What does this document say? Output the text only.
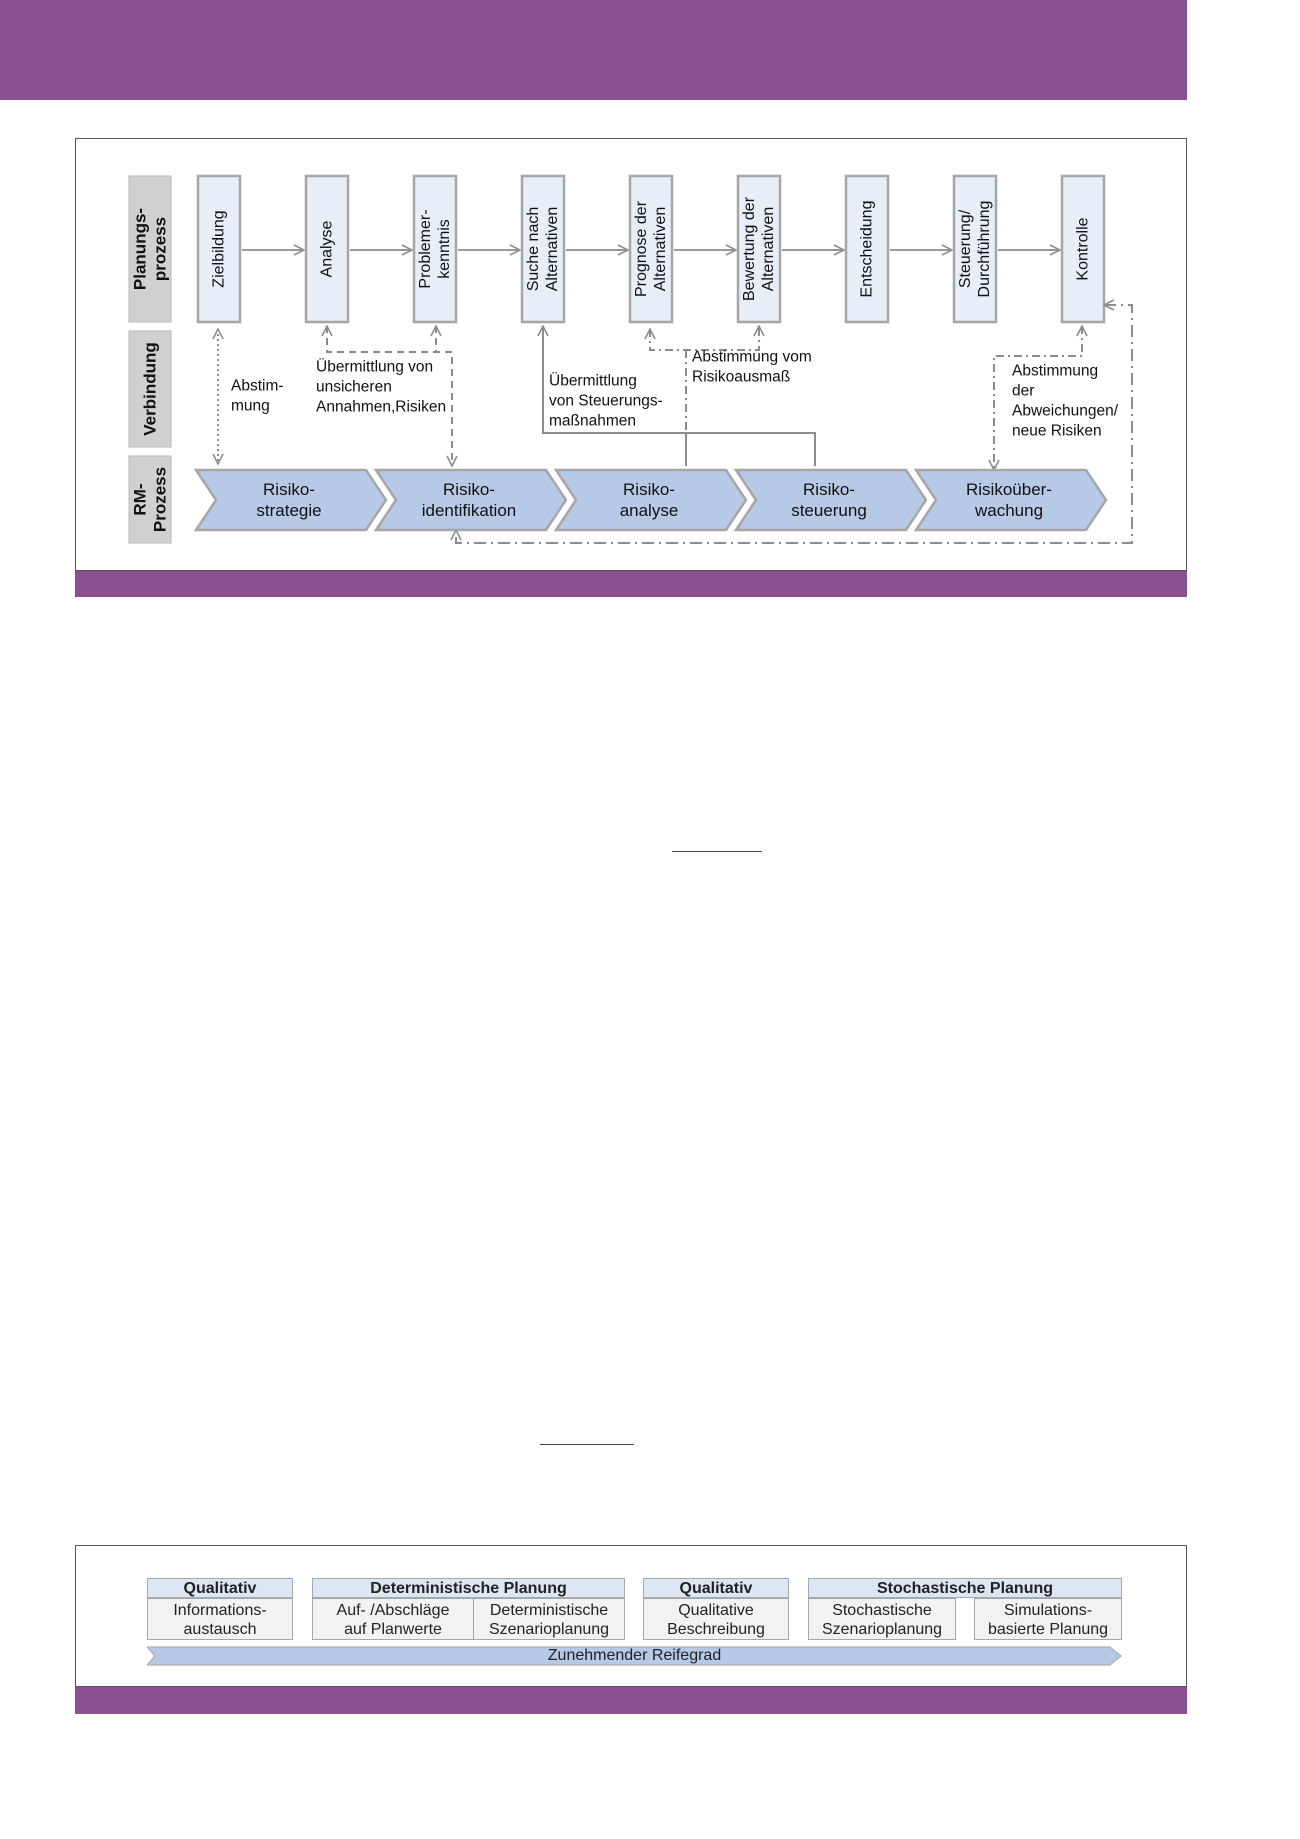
Planungs- prozess
Verbindung
RM- Prozess
Zielbildung	Analyse	Problemer- kenntnis	Suche nach Alternativen	Prognose der Alternativen	Bewertung der Alternativen	Entscheidung	Steuerung/ Durchführung	Kontrolle
Abstim-
mung
Übermittlung von
unsicheren
Annahmen,Risiken
Übermittlung
von Steuerungs-
maßnahmen
Abstimmung vom
Risikoausmaß	Abstimmung
der
Abweichungen/
neue Risiken
Risiko-
strategie
Risiko-
identifikation
Risiko-
analyse
Risiko-
steuerung
Risikoüber-
wachung
Qualitativ
Informations-
austausch
Deterministische Planung
Auf- /Abschläge
auf Planwerte
Deterministische
Szenarioplanung
Qualitativ
Qualitative
Beschreibung
Stochastische Planung
Stochastische
Szenarioplanung
Simulations-
basierte Planung
Zunehmender Reifegrad
